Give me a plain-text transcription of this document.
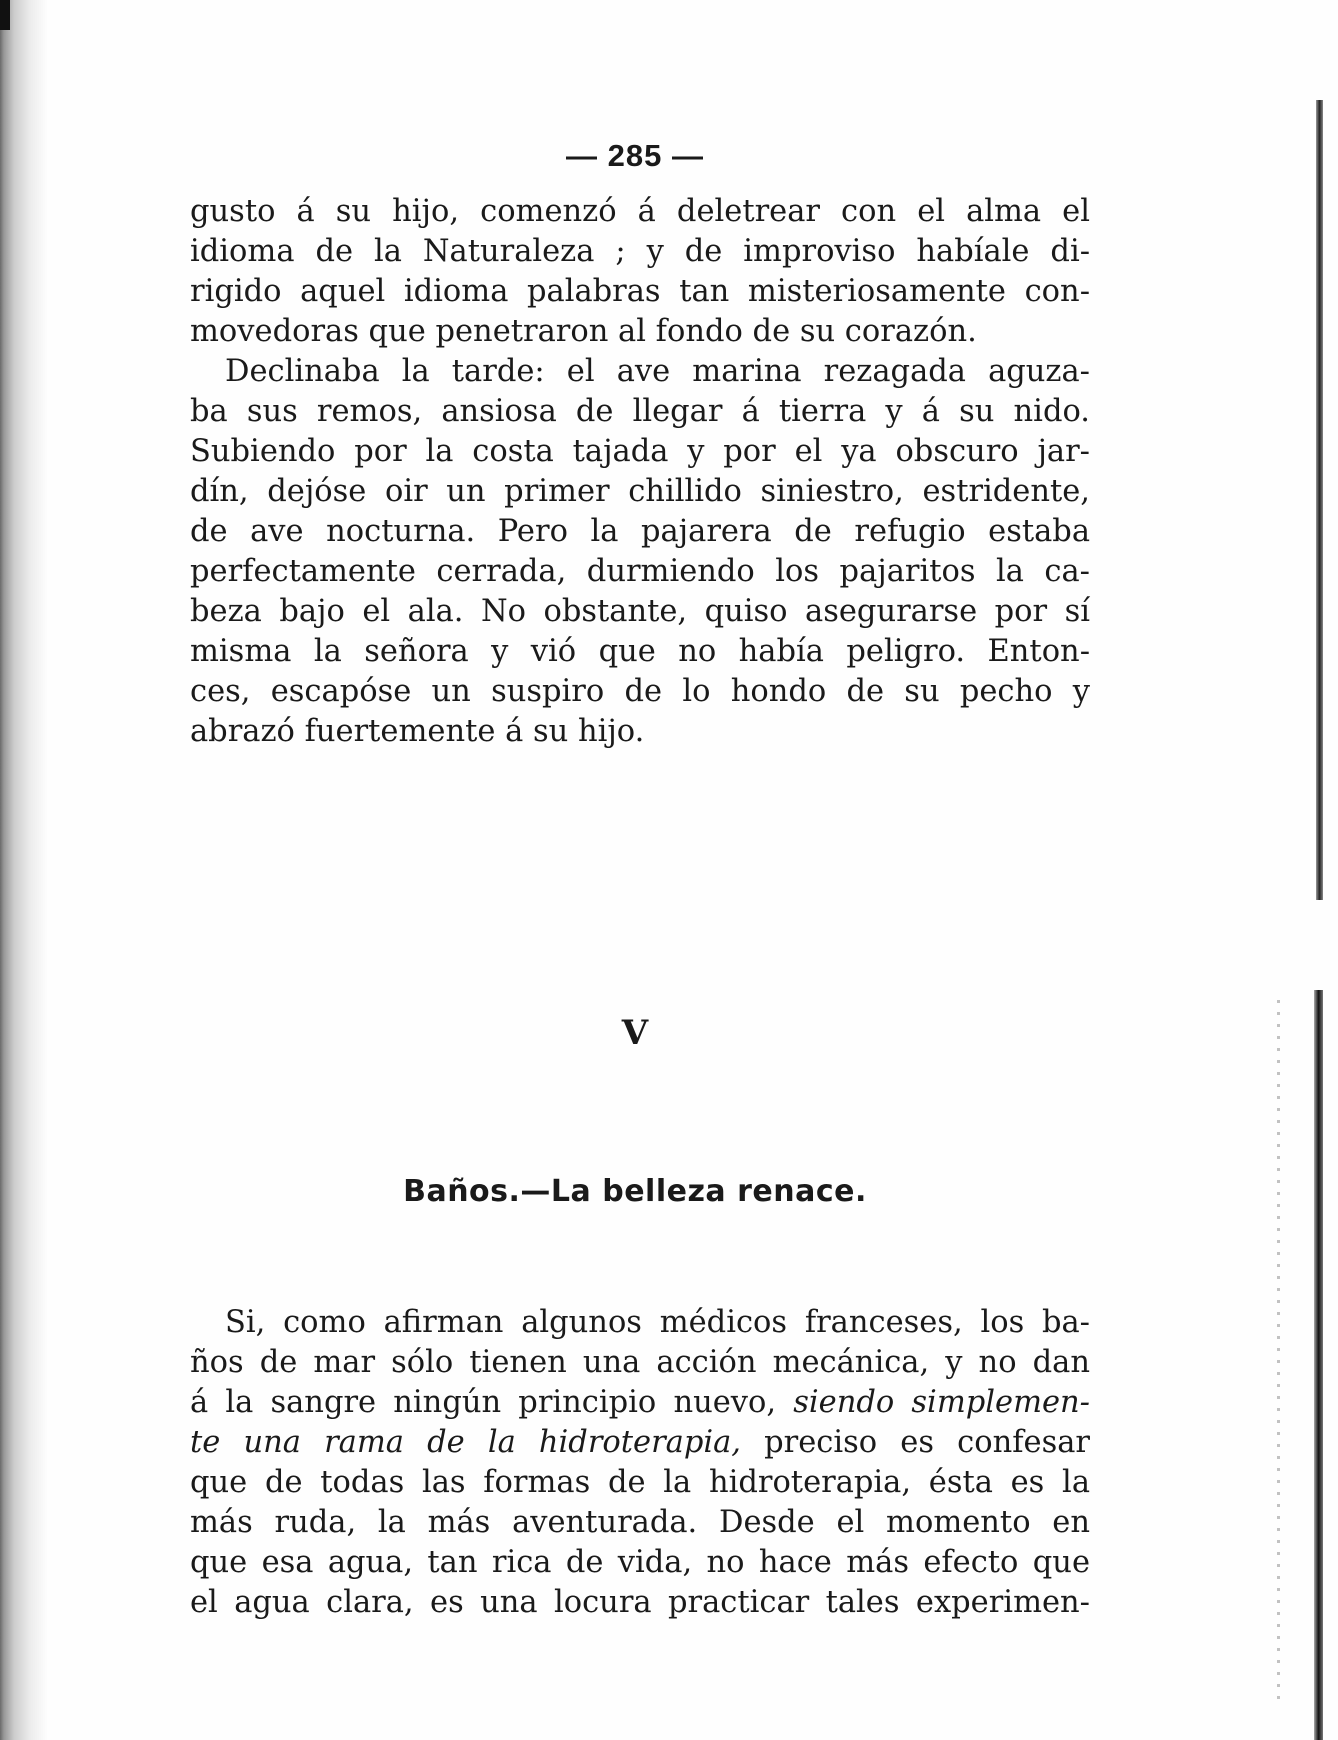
— 285 —
gusto á su hijo, comenzó á deletrear con el alma el
idioma de la Naturaleza ; y de improviso habíale di-
rigido aquel idioma palabras tan misteriosamente con-
movedoras que penetraron al fondo de su corazón.
Declinaba la tarde: el ave marina rezagada aguza-
ba sus remos, ansiosa de llegar á tierra y á su nido.
Subiendo por la costa tajada y por el ya obscuro jar-
dín, dejóse oir un primer chillido siniestro, estridente,
de ave nocturna. Pero la pajarera de refugio estaba
perfectamente cerrada, durmiendo los pajaritos la ca-
beza bajo el ala. No obstante, quiso asegurarse por sí
misma la señora y vió que no había peligro. Enton-
ces, escapóse un suspiro de lo hondo de su pecho y
abrazó fuertemente á su hijo.
V
Baños.—La belleza renace.
Si, como afirman algunos médicos franceses, los ba-
ños de mar sólo tienen una acción mecánica, y no dan
á la sangre ningún principio nuevo, siendo simplemen-
te una rama de la hidroterapia, preciso es confesar
que de todas las formas de la hidroterapia, ésta es la
más ruda, la más aventurada. Desde el momento en
que esa agua, tan rica de vida, no hace más efecto que
el agua clara, es una locura practicar tales experimen-
